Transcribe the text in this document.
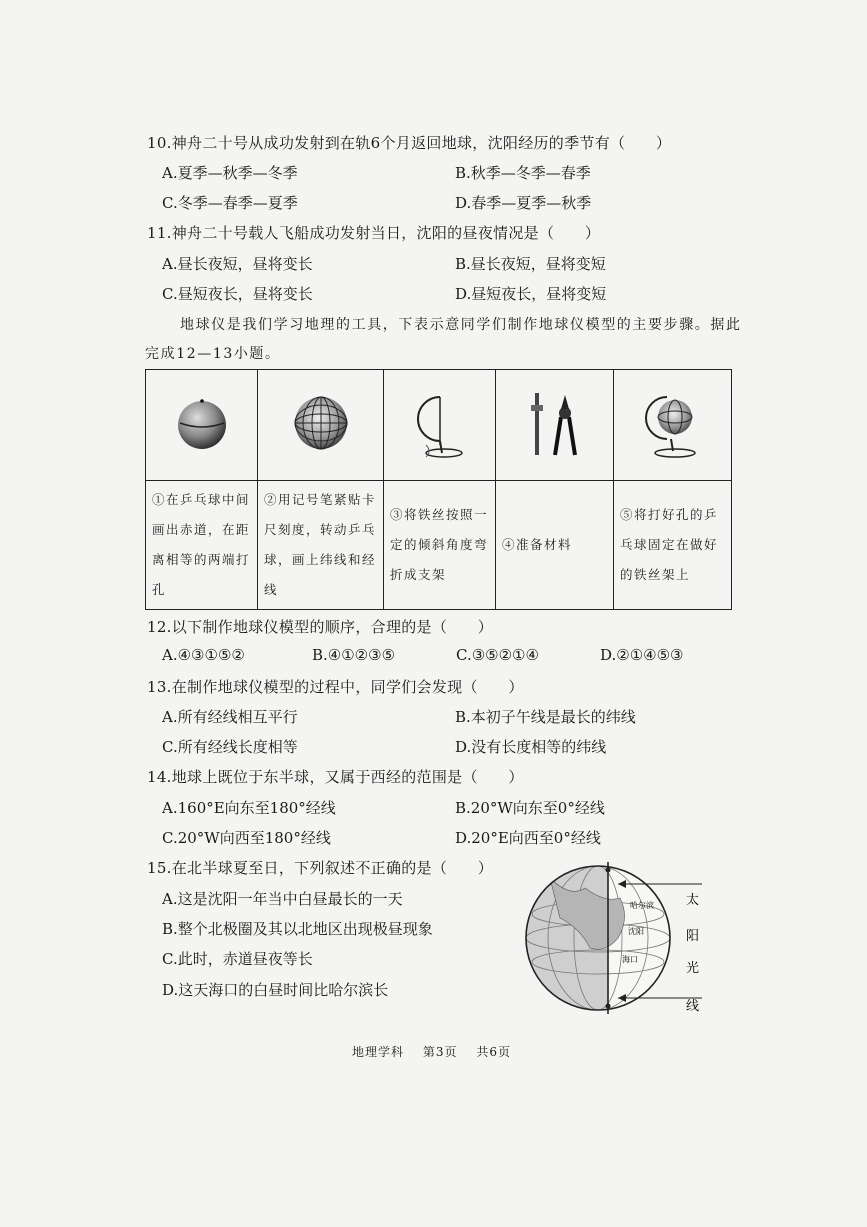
10.神舟二十号从成功发射到在轨6个月返回地球，沈阳经历的季节有（　　）
A.夏季—秋季—冬季	B.秋季—冬季—春季
C.冬季—春季—夏季	D.春季—夏季—秋季
11.神舟二十号载人飞船成功发射当日，沈阳的昼夜情况是（　　）
A.昼长夜短，昼将变长	B.昼长夜短，昼将变短
C.昼短夜长，昼将变长	D.昼短夜长，昼将变短
地球仪是我们学习地理的工具，下表示意同学们制作地球仪模型的主要步骤。据此
完成12—13小题。

①在乒乓球中间画出赤道，在距离相等的两端打孔	②用记号笔紧贴卡尺刻度，转动乒乓球，画上纬线和经线	③将铁丝按照一定的倾斜角度弯折成支架	④准备材料	⑤将打好孔的乒乓球固定在做好的铁丝架上
12.以下制作地球仪模型的顺序，合理的是（　　）
A.④③①⑤②	B.④①②③⑤	C.③⑤②①④	D.②①④⑤③
13.在制作地球仪模型的过程中，同学们会发现（　　）
A.所有经线相互平行	B.本初子午线是最长的纬线
C.所有经线长度相等	D.没有长度相等的纬线
14.地球上既位于东半球，又属于西经的范围是（　　）
A.160°E向东至180°经线	B.20°W向东至0°经线
C.20°W向西至180°经线	D.20°E向西至0°经线
15.在北半球夏至日，下列叙述不正确的是（　　）
A.这是沈阳一年当中白昼最长的一天
B.整个北极圈及其以北地区出现极昼现象
C.此时，赤道昼夜等长
D.这天海口的白昼时间比哈尔滨长
哈尔滨
沈阳
海口
太
阳
光
线
地理学科 第3页 共6页
